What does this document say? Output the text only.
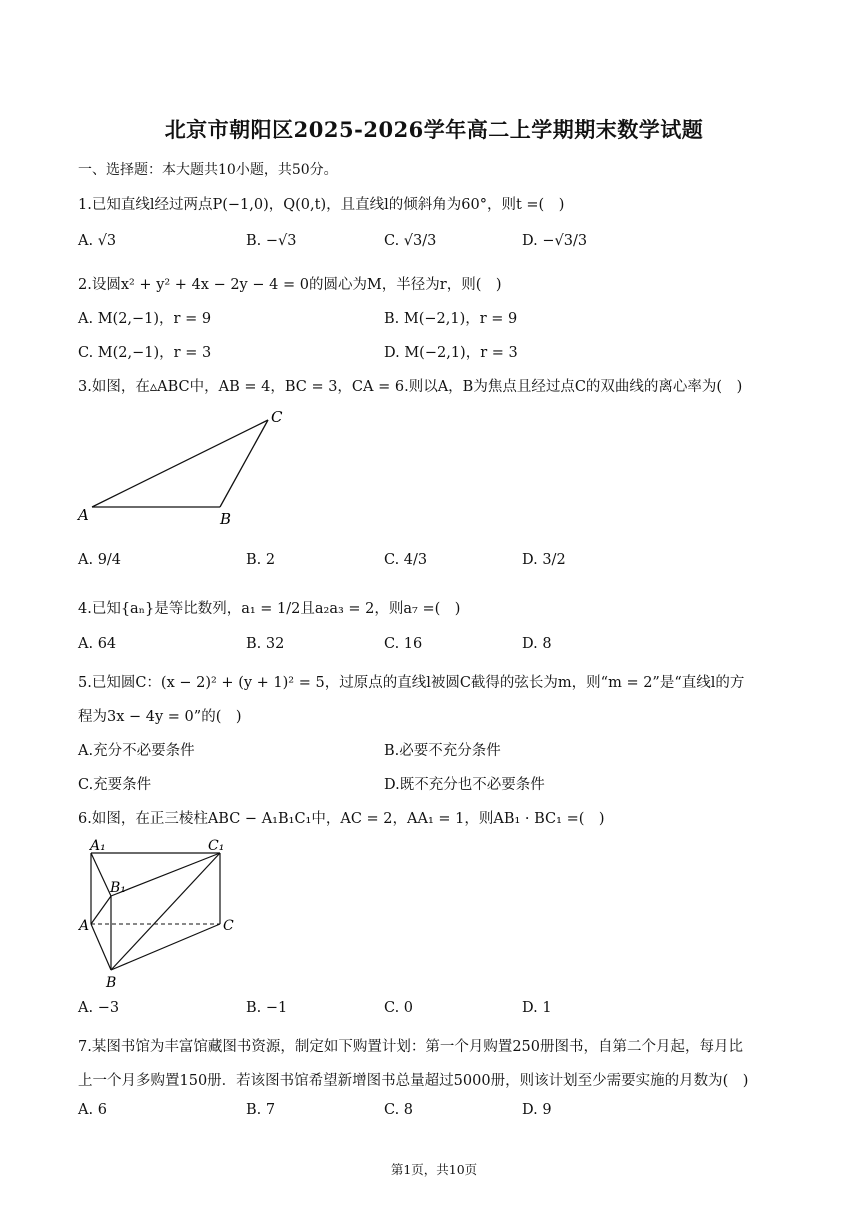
北京市朝阳区2025-2026学年高二上学期期末数学试题
一、选择题：本大题共10小题，共50分。
1.已知直线l经过两点P(−1,0)，Q(0,t)，且直线l的倾斜角为60°，则t =(　)
A. √3	B. −√3	C. √3/3	D. −√3/3
2.设圆x² + y² + 4x − 2y − 4 = 0的圆心为M，半径为r，则(　)
A. M(2,−1)，r = 9	B. M(−2,1)，r = 9
C. M(2,−1)，r = 3	D. M(−2,1)，r = 3
3.如图，在▵ABC中，AB = 4，BC = 3，CA = 6.则以A，B为焦点且经过点C的双曲线的离心率为(　)
A	B
C
A. 9/4	B. 2	C. 4/3	D. 3/2
4.已知{aₙ}是等比数列，a₁ = 1/2且a₂a₃ = 2，则a₇ =(　)
A. 64	B. 32	C. 16	D. 8
5.已知圆C：(x − 2)² + (y + 1)² = 5，过原点的直线l被圆C截得的弦长为m，则“m = 2”是“直线l的方
程为3x − 4y = 0”的(　)
A.充分不必要条件	B.必要不充分条件
C.充要条件	D.既不充分也不必要条件
6.如图，在正三棱柱ABC − A₁B₁C₁中，AC = 2，AA₁ = 1，则AB₁ · BC₁ =(　)
A₁	C₁
B₁
A	C
B
A. −3	B. −1	C. 0	D. 1
7.某图书馆为丰富馆藏图书资源，制定如下购置计划：第一个月购置250册图书，自第二个月起，每月比
上一个月多购置150册．若该图书馆希望新增图书总量超过5000册，则该计划至少需要实施的月数为(　)
A. 6	B. 7	C. 8	D. 9
第1页，共10页
